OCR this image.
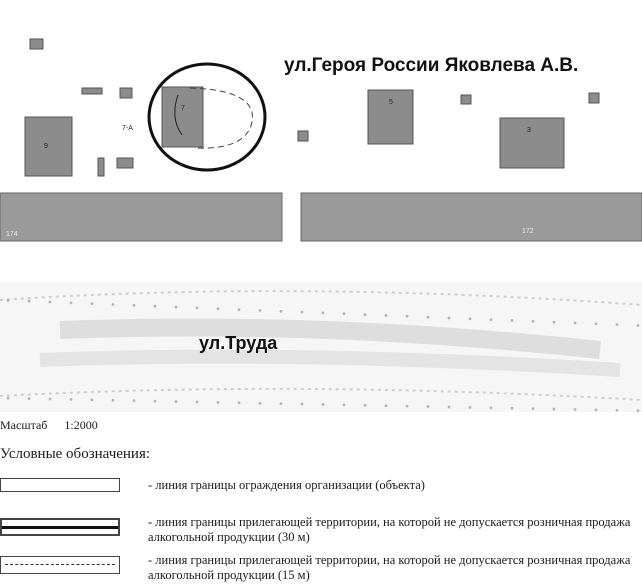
9
7-А
7
5
3
174	172
ул.Героя России Яковлева А.В.
ул.Труда
Масштаб 1:2000
Условные обозначения:
- линия границы ограждения организации (объекта)
- линия границы прилегающей территории, на которой не допускается розничная продажа алкогольной продукции (30 м)
- линия границы прилегающей территории, на которой не допускается розничная продажа алкогольной продукции (15 м)
